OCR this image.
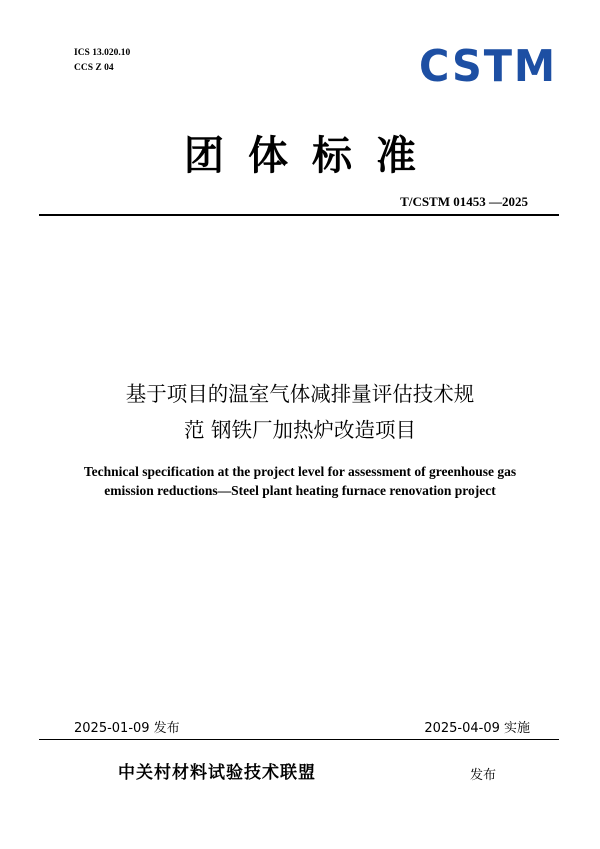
ICS 13.020.10
CCS Z 04	CSTM
团体标准
T/CSTM 01453 —2025
基于项目的温室气体减排量评估技术规
范 钢铁厂加热炉改造项目
Technical specification at the project level for assessment of greenhouse gas
emission reductions—Steel plant heating furnace renovation project
2025-01-09 发布	2025-04-09 实施
中关村材料试验技术联盟	发布
